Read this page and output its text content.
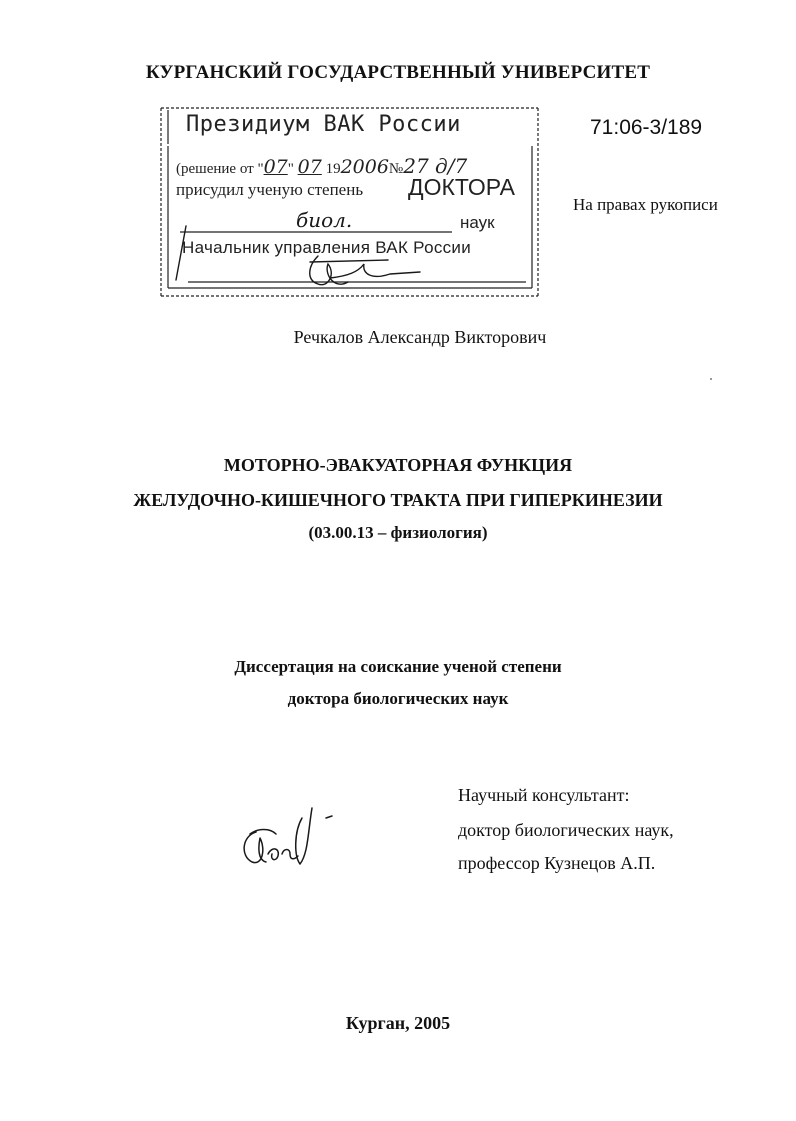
КУРГАНСКИЙ ГОСУДАРСТВЕННЫЙ УНИВЕРСИТЕТ
Президиум ВАК России
(решение от "07" 07 192006№27 д/7
присудил ученую степень ДОКТОРА
биол.	наук
Начальник управления ВАК России
71:06-3/189
На правах рукописи
Речкалов Александр Викторович
МОТОРНО-ЭВАКУАТОРНАЯ ФУНКЦИЯ
ЖЕЛУДОЧНО-КИШЕЧНОГО ТРАКТА ПРИ ГИПЕРКИНЕЗИИ
(03.00.13 – физиология)
Диссертация на соискание ученой степени
доктора биологических наук
Научный консультант:
доктор биологических наук,
профессор Кузнецов А.П.
Курган, 2005
